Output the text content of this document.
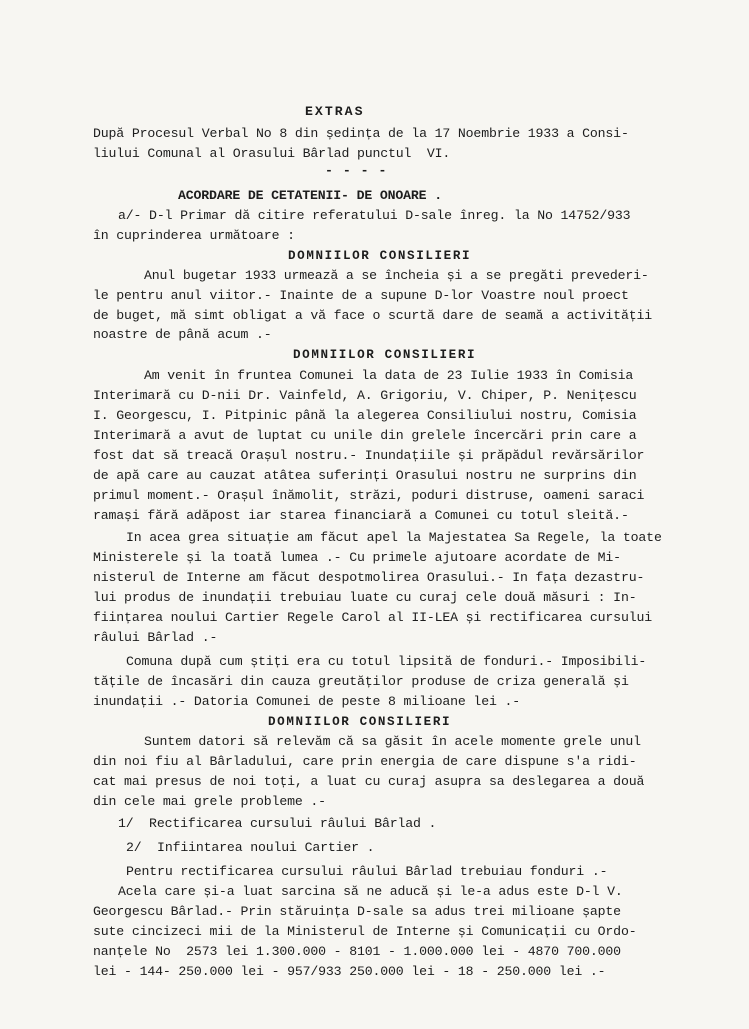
EXTRAS
După Procesul Verbal No 8 din ședința de la 17 Noembrie 1933 a Consi-
liului Comunal al Orasului Bârlad punctul  VI.
- - - -
ACORDARE DE CETATENII- DE ONOARE .
a/- D-l Primar dă citire referatului D-sale înreg. la No 14752/933
în cuprinderea următoare :
DOMNIILOR CONSILIERI
Anul bugetar 1933 urmează a se încheia și a se pregăti prevederi-
le pentru anul viitor.- Inainte de a supune D-lor Voastre noul proect
de buget, mă simt obligat a vă face o scurtă dare de seamă a activității
noastre de până acum .-
DOMNIILOR CONSILIERI
Am venit în fruntea Comunei la data de 23 Iulie 1933 în Comisia
Interimară cu D-nii Dr. Vainfeld, A. Grigoriu, V. Chiper, P. Nenițescu
I. Georgescu, I. Pitpinic până la alegerea Consiliului nostru, Comisia
Interimară a avut de luptat cu unile din grelele încercări prin care a
fost dat să treacă Orașul nostru.- Inundațiile și prăpădul revărsărilor
de apă care au cauzat atâtea suferinți Orasului nostru ne surprins din
primul moment.- Orașul înămolit, străzi, poduri distruse, oameni saraci
ramași fără adăpost iar starea financiară a Comunei cu totul sleită.-
In acea grea situație am făcut apel la Majestatea Sa Regele, la toate
Ministerele și la toată lumea .- Cu primele ajutoare acordate de Mi-
nisterul de Interne am făcut despotmolirea Orasului.- In fața dezastru-
lui produs de inundații trebuiau luate cu curaj cele două măsuri : In-
ființarea noului Cartier Regele Carol al II-LEA și rectificarea cursului
râului Bârlad .-
Comuna după cum știți era cu totul lipsită de fonduri.- Imposibili-
tățile de încasări din cauza greutăților produse de criza generală și
inundații .- Datoria Comunei de peste 8 milioane lei .-
DOMNIILOR CONSILIERI
Suntem datori să relevăm că sa găsit în acele momente grele unul
din noi fiu al Bârladului, care prin energia de care dispune s'a ridi-
cat mai presus de noi toți, a luat cu curaj asupra sa deslegarea a două
din cele mai grele probleme .-
1/  Rectificarea cursului râului Bârlad .
2/  Infiintarea noului Cartier .
Pentru rectificarea cursului râului Bârlad trebuiau fonduri .-
Acela care și-a luat sarcina să ne aducă și le-a adus este D-l V.
Georgescu Bârlad.- Prin stăruința D-sale sa adus trei milioane șapte
sute cincizeci mii de la Ministerul de Interne și Comunicații cu Ordo-
nanțele No  2573 lei 1.300.000 - 8101 - 1.000.000 lei - 4870 700.000
lei - 144- 250.000 lei - 957/933 250.000 lei - 18 - 250.000 lei .-
